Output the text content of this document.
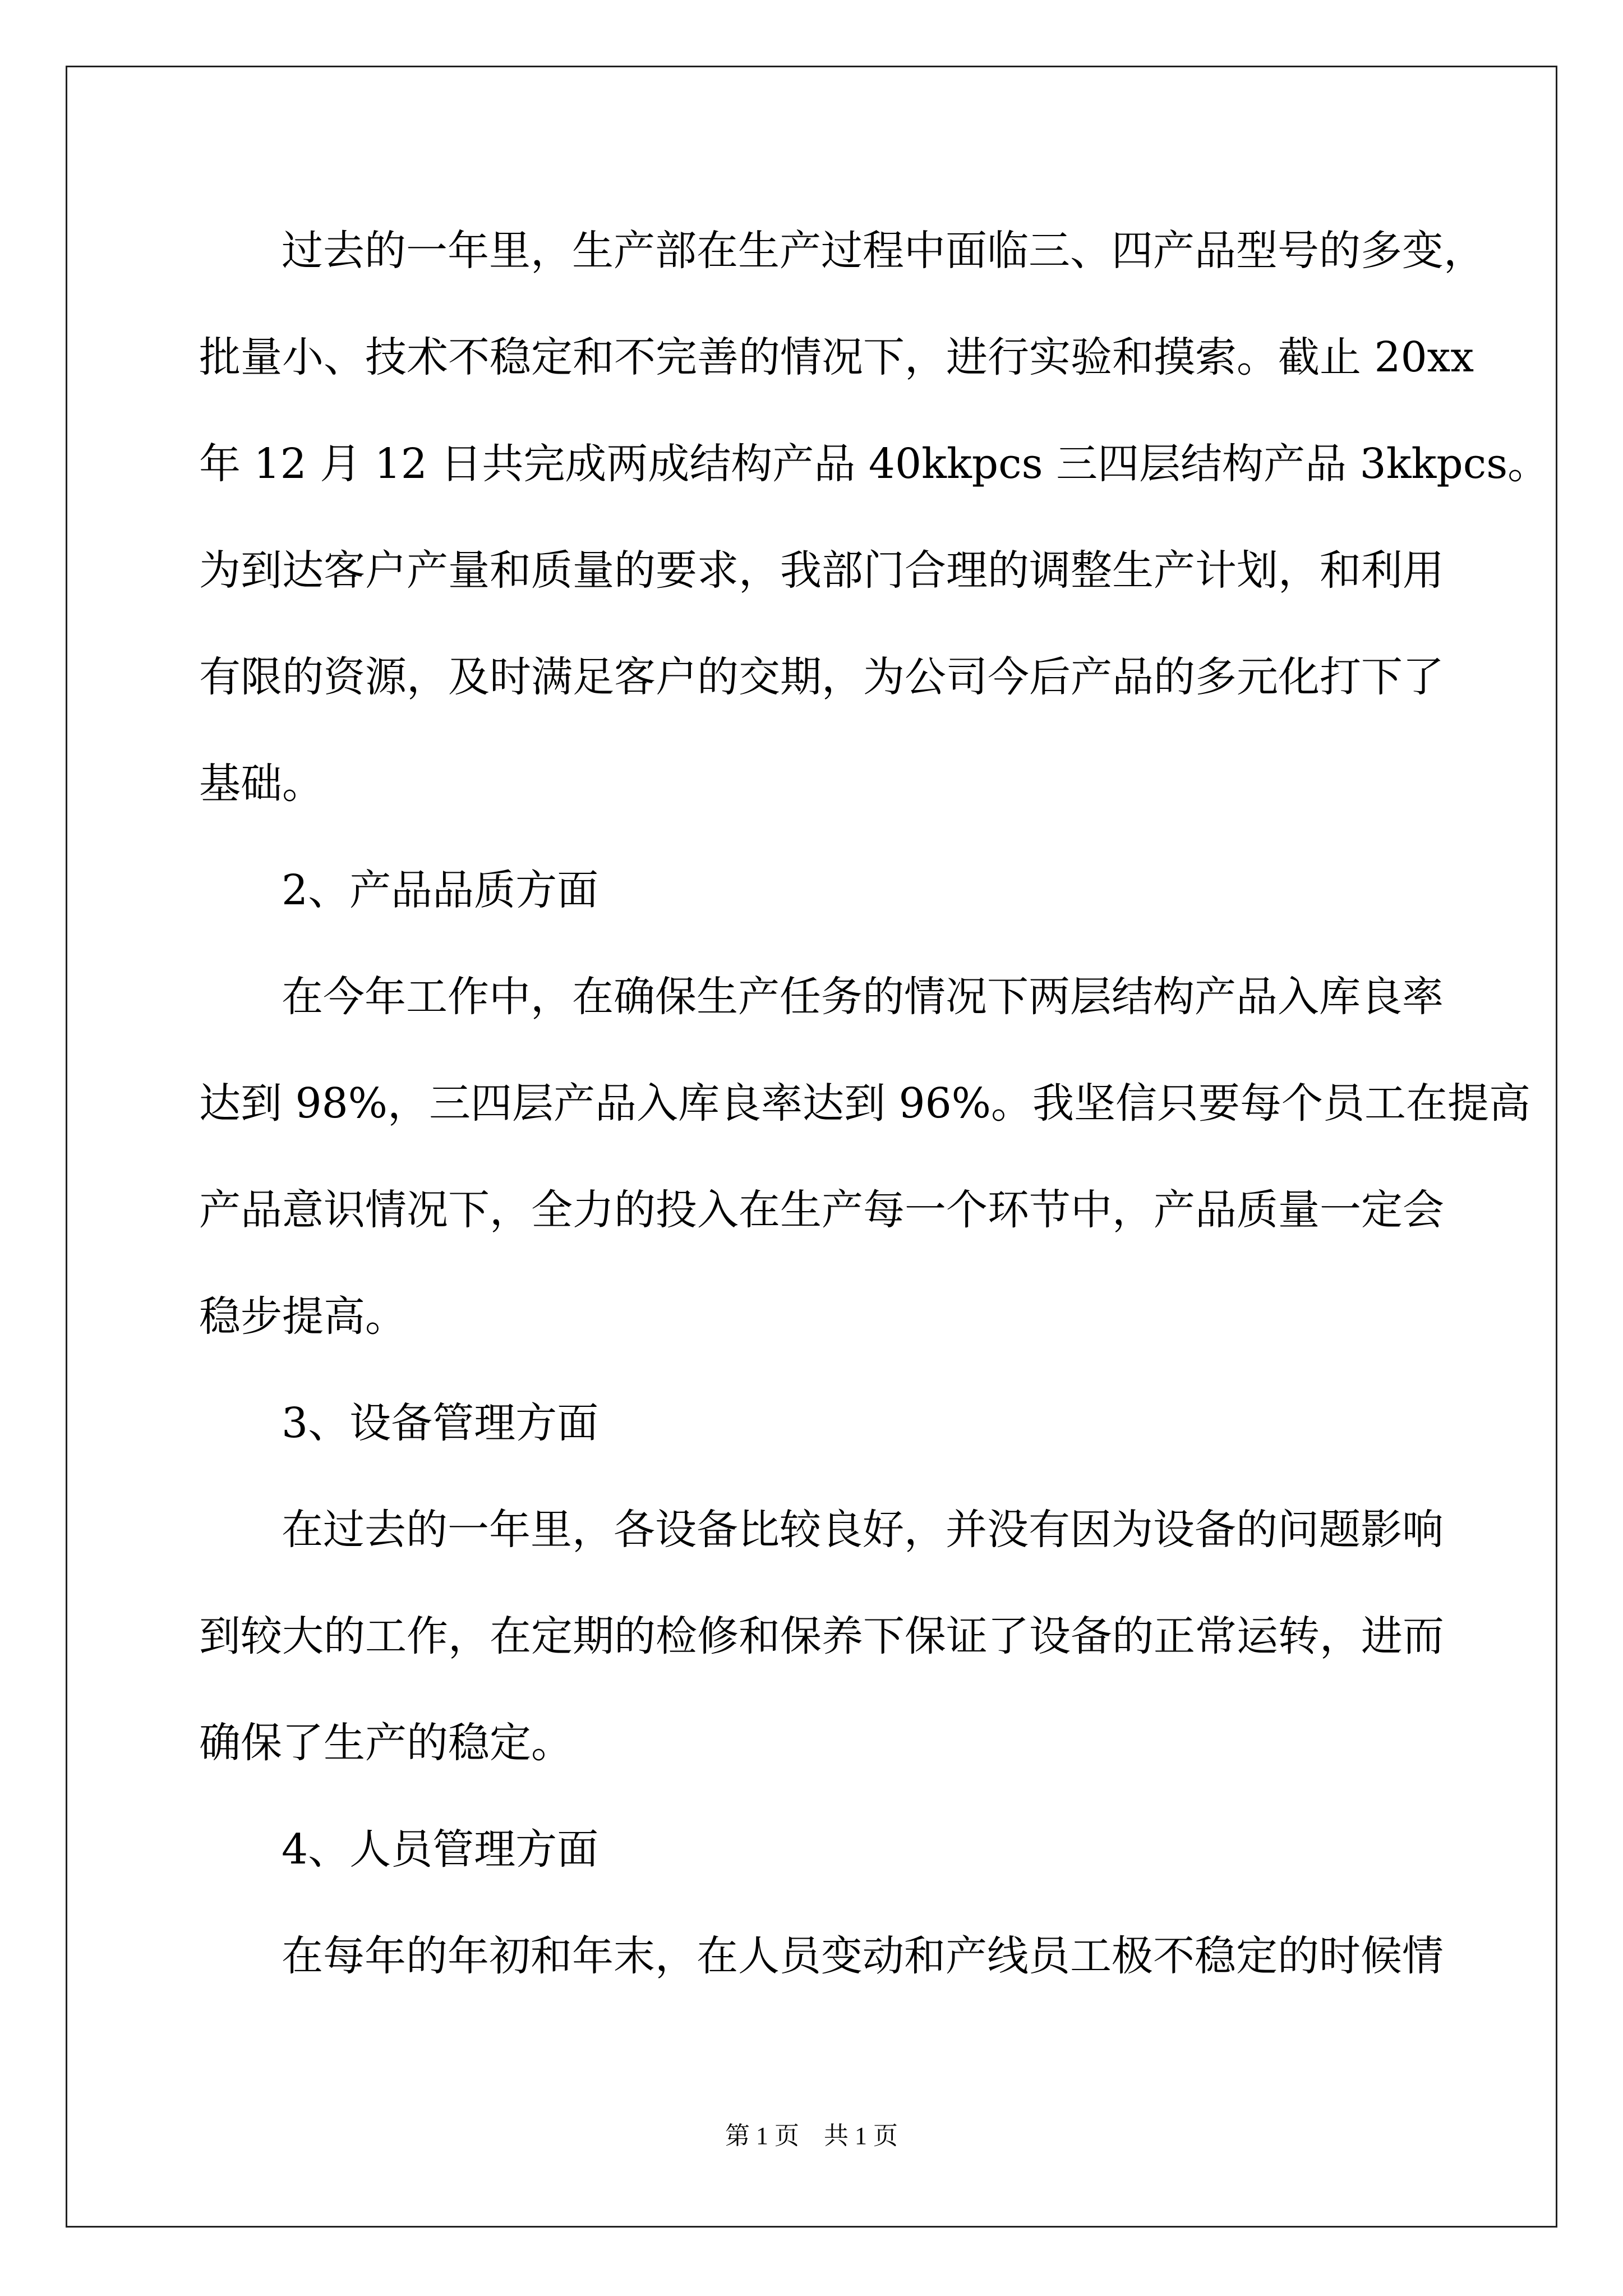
过去的一年里，生产部在生产过程中面临三、四产品型号的多变，
批量小、技术不稳定和不完善的情况下，进行实验和摸索。截止 20xx
年 12 月 12 日共完成两成结构产品 40kkpcs 三四层结构产品 3kkpcs。
为到达客户产量和质量的要求，我部门合理的调整生产计划，和利用
有限的资源，及时满足客户的交期，为公司今后产品的多元化打下了
基础。
2、产品品质方面
在今年工作中，在确保生产任务的情况下两层结构产品入库良率
达到 98%，三四层产品入库良率达到 96%。我坚信只要每个员工在提高
产品意识情况下，全力的投入在生产每一个环节中，产品质量一定会
稳步提高。
3、设备管理方面
在过去的一年里，各设备比较良好，并没有因为设备的问题影响
到较大的工作，在定期的检修和保养下保证了设备的正常运转，进而
确保了生产的稳定。
4、人员管理方面
在每年的年初和年末，在人员变动和产线员工极不稳定的时候情
第 1 页　共 1 页
